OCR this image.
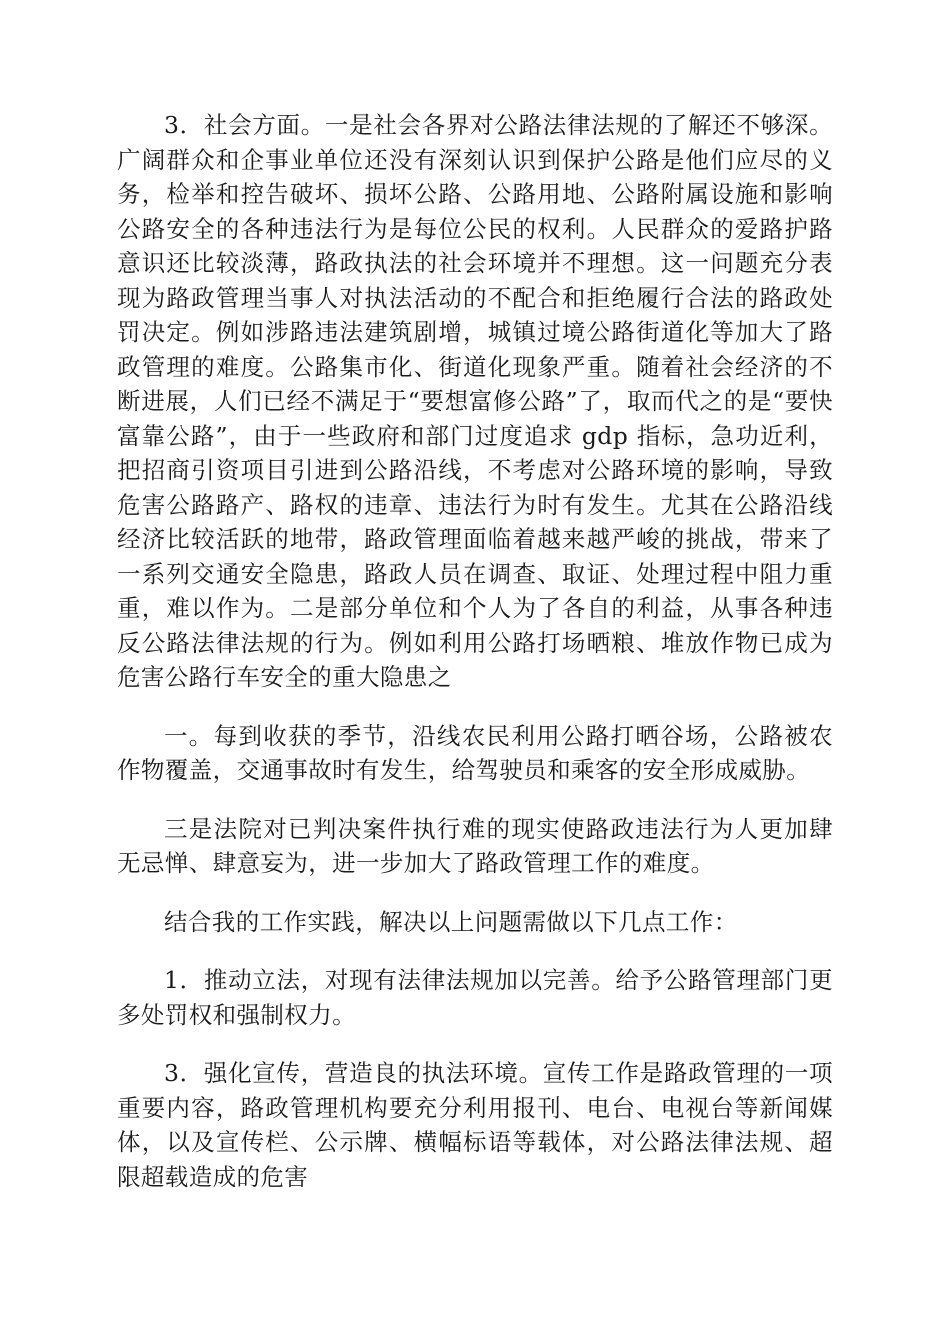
3．社会方面。一是社会各界对公路法律法规的了解还不够深。广阔群众和企事业单位还没有深刻认识到保护公路是他们应尽的义务，检举和控告破坏、损坏公路、公路用地、公路附属设施和影响公路安全的各种违法行为是每位公民的权利。人民群众的爱路护路意识还比较淡薄，路政执法的社会环境并不理想。这一问题充分表现为路政管理当事人对执法活动的不配合和拒绝履行合法的路政处罚决定。例如涉路违法建筑剧增，城镇过境公路街道化等加大了路政管理的难度。公路集市化、街道化现象严重。随着社会经济的不断进展，人们已经不满足于“要想富修公路”了，取而代之的是“要快富靠公路”，由于一些政府和部门过度追求 gdp 指标，急功近利，把招商引资项目引进到公路沿线，不考虑对公路环境的影响，导致危害公路路产、路权的违章、违法行为时有发生。尤其在公路沿线经济比较活跃的地带，路政管理面临着越来越严峻的挑战，带来了一系列交通安全隐患，路政人员在调查、取证、处理过程中阻力重重，难以作为。二是部分单位和个人为了各自的利益，从事各种违反公路法律法规的行为。例如利用公路打场晒粮、堆放作物已成为危害公路行车安全的重大隐患之

一。每到收获的季节，沿线农民利用公路打晒谷场，公路被农作物覆盖，交通事故时有发生，给驾驶员和乘客的安全形成威胁。

三是法院对已判决案件执行难的现实使路政违法行为人更加肆无忌惮、肆意妄为，进一步加大了路政管理工作的难度。

结合我的工作实践，解决以上问题需做以下几点工作：

1．推动立法，对现有法律法规加以完善。给予公路管理部门更多处罚权和强制权力。

3．强化宣传，营造良的执法环境。宣传工作是路政管理的一项重要内容，路政管理机构要充分利用报刊、电台、电视台等新闻媒体，以及宣传栏、公示牌、横幅标语等载体，对公路法律法规、超限超载造成的危害
